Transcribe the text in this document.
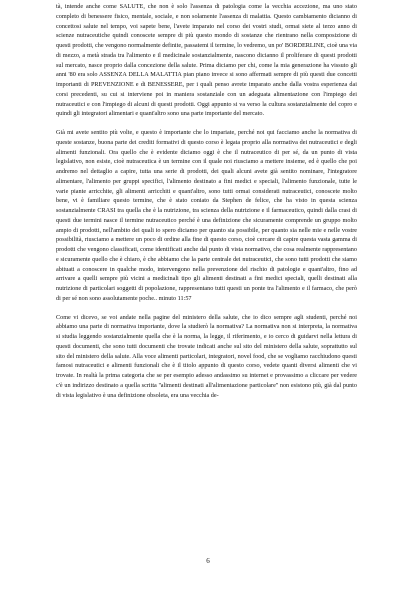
tà, intende anche come SALUTE, che non è solo l'assenza di patologia come la vecchia accezione, ma uno stato completo di benessere fisico, mentale, sociale, e non solamente l'assenza di malattia. Questo cambiamento dicianno di concettosi salute nel tempo, voi sapete bene, l'avete imparato nel corso dei vostri studi, ormai siete al terzo anno di scienze nutraceutiche quindi conoscete sempre di più questo mondo di sostanze che rientrano nella composizione di questi prodotti, che vengono normalmente definite, passatemi il termine, lo vedremo, un po' BORDERLINE, cioè una via di mezzo, a metà strada tra l'alimento e il medicinale sostanzialmente, nascono dicianno il proliferare di questi prodotti sul mercato, nasce proprio dalla concezione della salute. Prima diciamo per chi, come la mia generazione ha vissuto gli anni '80 era solo ASSENZA DELLA MALATTIA pian piano invece si sono affermati sempre di più questi due concetti importanti di PREVENZIONE e di BENESSERE, per i quali penso avrete imparato anche dalla vostra esperienza dai corsi precedenti, su cui si interviene poi in maniera sostanziale con un adeguata alimentazione con l'impiego dei nutraceutici e con l'impiego di alcuni di questi prodotti. Oggi appunto si va verso la cultura sostanzialmente del copro e quindi gli integratori alimentari e quant'altro sono una parte importante del mercato.

Già mi avete sentito più volte, e questo è importante che lo impariate, perché noi qui facciamo anche la normativa di queste sostanze, buona parte dei crediti formativi di questo corso è legata proprio alla normativa dei nutraceutici e degli alimenti funzionali. Ora quello che è evidente diciamo oggi è che il nutraceutico di per sé, da un punto di vista legislativo, non esiste, cioè nutraceutica è un termine con il quale noi riusciamo a mettere insieme, ed è quello che poi andremo nel dettaglio a capire, tutta una serie di prodotti, dei quali alcuni avete già sentito nominare, l'integratore alimentare, l'alimento per gruppi specifici, l'alimento destinato a fini medici e speciali, l'alimento funzionale, tutte le varie piante arricchite, gli alimenti arricchiti e quant'altro, sono tutti ormai considerati nutraceutici, conoscete molto bene, vi è familiare questo termine, che è stato coniato da Stephen de felice, che ha visto in questa scienza sostanzialmente CRASI tra quella che è la nutrizione, tra scienza della nutrizione e il farmaceutico, quindi dalla crasi di questi due termini nasce il termine nutraceutico perché è una definizione che sicuramente comprende un gruppo molto ampio di prodotti, nell'ambito dei quali io spero diciamo per quanto sia possibile, per quanto sia nelle mie e nelle vostre possibilità, riusciamo a mettere un poco di ordine alla fine di questo corso, cioè cercare di capire questa vasta gamma di prodotti che vengono classificati, come identificati anche dal punto di vista normativo, che cosa realmente rappresentano e sicuramente quello che è chiaro, è che abbiamo che la parte centrale dei nutraceutici, che sono tutti prodotti che siamo abituati a conoscere in qualche modo, intervengono nella prevenzione del rischio di patologie e quant'altro, fino ad arrivare a quelli sempre più vicini a medicinali tipo gli alimenti destinati a fini medici speciali, quelli destinati alla nutrizione di particolari soggetti di popolazione, rappresentano tutti questi un ponte tra l'alimento e il farmaco, che però di per sé non sono assolutamente poche.. minuto 11:57

Come vi dicevo, se voi andate nella pagine del ministero della salute, che io dico sempre agli studenti, perché noi abbiamo una parte di normativa importante, dove la studierò la normativa? La normativa non si interpreta, la normativa si studia leggendo sostanzialmente quella che è la norma, la legge, il riferimento, e io cerco di guidarvi nella lettura di questi documenti, che sono tutti documenti che trovate indicati anche sul sito del ministero della salute, soprattutto sul sito del ministero della salute. Alla voce alimenti particolari, integratori, novel food, che se vogliamo racchiudono questi famosi nutraceutici e alimenti funzionali che è il titolo appunto di questo corso, vedete quanti diversi alimenti che vi trovate. In realtà la prima categoria che se per esempio adesso andassimo su internet e provassimo a cliccare per vedere c'è un indirizzo destinato a quella scritta ''alimenti destinati all'alimentazione particolare'' non esistono più, già dal punto di vista legislativo è una definizione obsoleta, era una vecchia de-

6
